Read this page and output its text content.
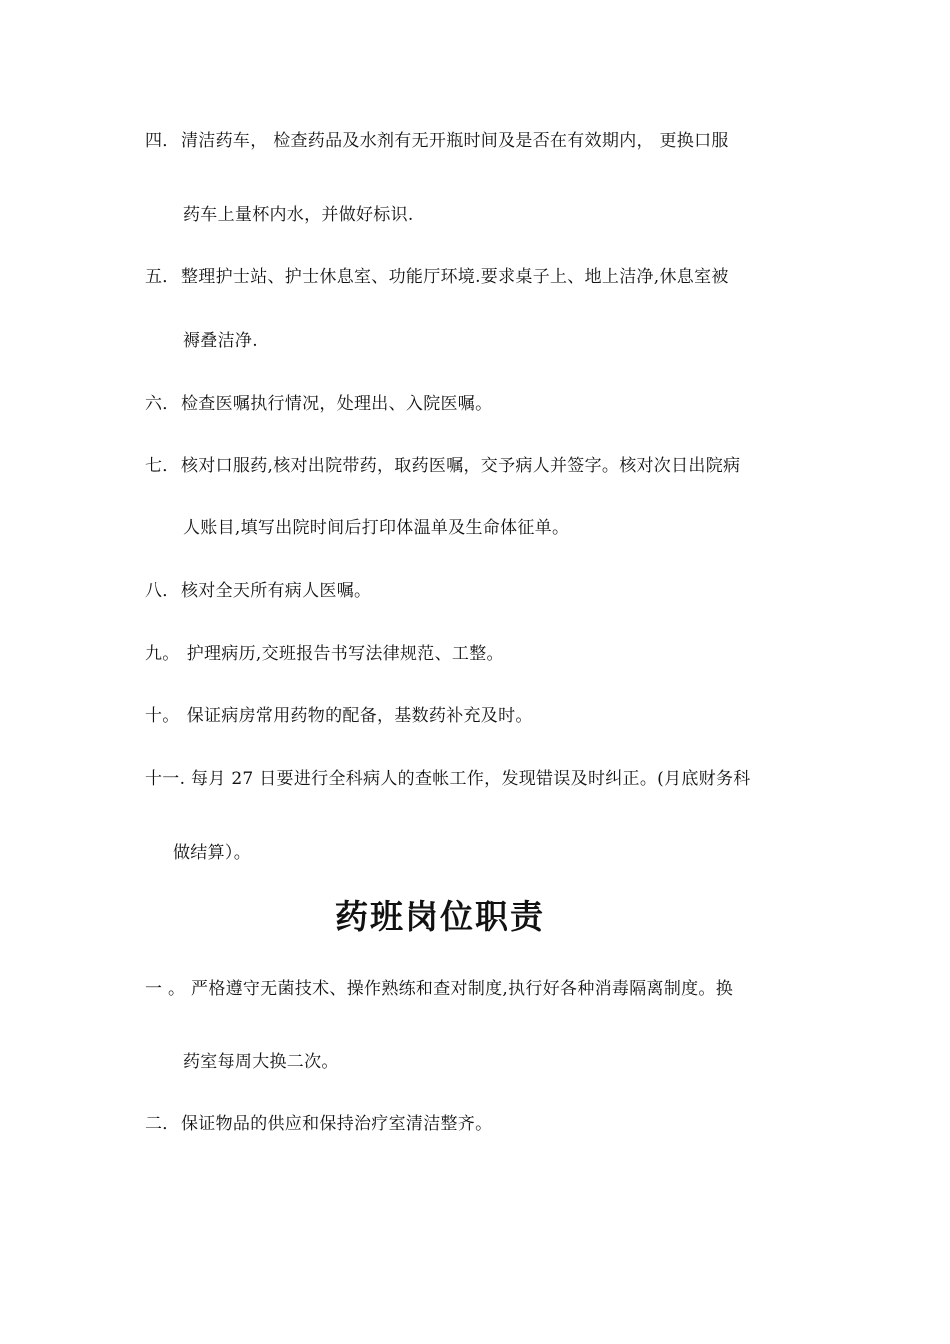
四．清洁药车， 检查药品及水剂有无开瓶时间及是否在有效期内， 更换口服
药车上量杯内水，并做好标识.
五．整理护士站、护士休息室、功能厅环境.要求桌子上、地上洁净,休息室被
褥叠洁净.
六．检查医嘱执行情况，处理出、入院医嘱。
七．核对口服药,核对出院带药，取药医嘱，交予病人并签字。核对次日出院病
人账目,填写出院时间后打印体温单及生命体征单。
八．核对全天所有病人医嘱。
九。 护理病历,交班报告书写法律规范、工整。
十。 保证病房常用药物的配备，基数药补充及时。
十一. 每月 27 日要进行全科病人的查帐工作，发现错误及时纠正。(月底财务科
做结算）。
药班岗位职责
一 。 严格遵守无菌技术、操作熟练和查对制度,执行好各种消毒隔离制度。换
药室每周大换二次。
二．保证物品的供应和保持治疗室清洁整齐。
